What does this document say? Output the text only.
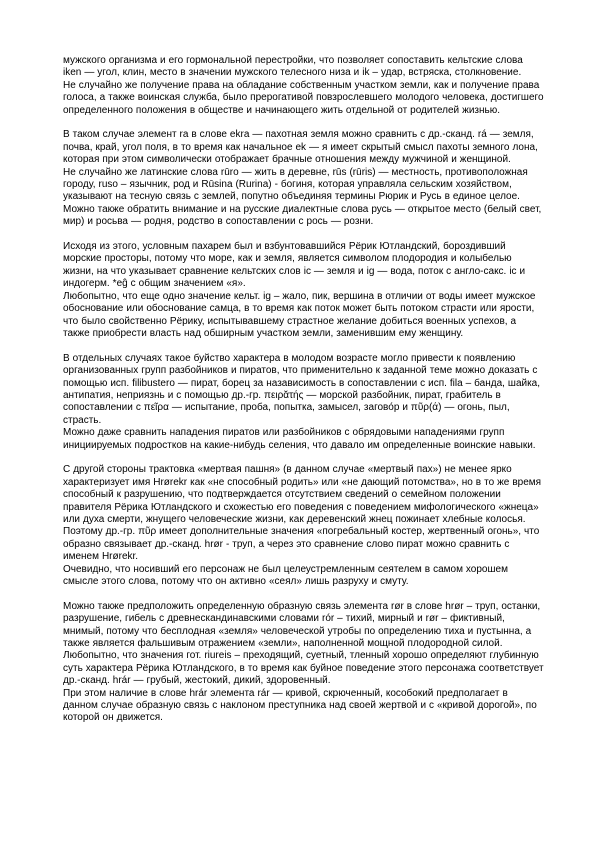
мужского организма и его гормональной перестройки, что позволяет сопоставить кельтские слова iken — угол, клин, место в значении мужского телесного низа и ik – удар, встряска, столкновение.

Не случайно же получение права на обладание собственным участком земли, как и получение права голоса, а также воинская служба, было прерогативой повзрослевшего молодого человека, достигшего определенного положения в обществе и начинающего жить отдельной от родителей жизнью.

В таком случае элемент ra в слове ekra — пахотная земля можно сравнить с др.-сканд. rá — земля, почва, край, угол поля, в то время как начальное ek — я имеет скрытый смысл пахоты земного лона, которая при этом символически отображает брачные отношения между мужчиной и женщиной.

Не случайно же латинские слова rūro — жить в деревне, rūs (rūris) — местность, противоположная городу, ruso – язычник, род и Rūsina (Rurina) - богиня, которая управляла сельским хозяйством, указывают на тесную связь с землей, попутно объединяя термины Рюрик и Русь в единое целое.

Можно также обратить внимание и на русские диалектные слова русь — открытое место (белый свет, мир) и росьва — родня, родство в сопоставлении с рось — розни.

Исходя из этого, условным пахарем был и взбунтовавшийся Рёрик Ютландский, бороздивший морские просторы, потому что море, как и земля, является символом плодородия и колыбелью жизни, на что указывает сравнение кельтских слов ic — земля и ig — вода, поток с англо-сакс. ic и индогерм. *eĝ с общим значением «я».

Любопытно, что еще одно значение кельт. ig – жало, пик, вершина в отличии от воды имеет мужское обоснование или обоснование самца, в то время как поток может быть потоком страсти или ярости, что было свойственно Рёрику, испытывавшему страстное желание добиться военных успехов, а также приобрести власть над обширным участком земли, заменившим ему женщину.

В отдельных случаях такое буйство характера в молодом возрасте могло привести к появлению организованных групп разбойников и пиратов, что применительно к заданной теме можно доказать с помощью исп. filibustero — пират, борец за назависимость в сопоставлении с исп. fila – банда, шайка, антипатия, неприязнь и с помощью др.-гр. πειρᾰτής — морской разбойник, пират, грабитель в сопоставлении с πεῖρα — испытание, проба, попытка, замысел, загово́р и πῦρ(ά) — огонь, пыл, страсть.

Можно даже сравнить нападения пиратов или разбойников с обрядовыми нападениями групп инициируемых подростков на какие-нибудь селения, что давало им определенные воинские навыки.

С другой стороны трактовка «мертвая пашня» (в данном случае «мертвый пах») не менее ярко характеризует имя Hrørekr как «не способный родить» или «не дающий потомства», но в то же время способный к разрушению, что подтверждается отсутствием сведений о семейном положении правителя Рёрика Ютландского и схожестью его поведения с поведением мифологического «жнеца» или духа смерти, жнущего человеческие жизни, как деревенский жнец пожинает хлебные колосья.

Поэтому др.-гр. πῦρ имеет дополнительные значения «погребальный костер, жертвенный огонь», что образно связывает др.-сканд. hrør - труп, а через это сравнение слово пират можно сравнить с именем Hrørekr.

Очевидно, что носивший его персонаж не был целеустремленным сеятелем в самом хорошем смысле этого слова, потому что он активно «сеял» лишь разруху и смуту.

Можно также предположить определенную образную связь элемента rør в слове hrør – труп, останки, разрушение, гибель с древнескандинавскими словами rór – тихий, мирный и rør – фиктивный, мнимый, потому что бесплодная «земля» человеческой утробы по определению тиха и пустынна, а также является фальшивым отражением «земли», наполненной мощной плодородной силой.

Любопытно, что значения гот. riureis – преходящий, суетный, тленный хорошо определяют глубинную суть характера Рёрика Ютландского, в то время как буйное поведение этого персонажа соответствует др.-сканд. hrár — грубый, жестокий, дикий, здоровенный.

При этом наличие в слове hrár элемента rár — кривой, скрюченный, кособокий предполагает в данном случае образную связь с наклоном преступника над своей жертвой и с «кривой дорогой», по которой он движется.
